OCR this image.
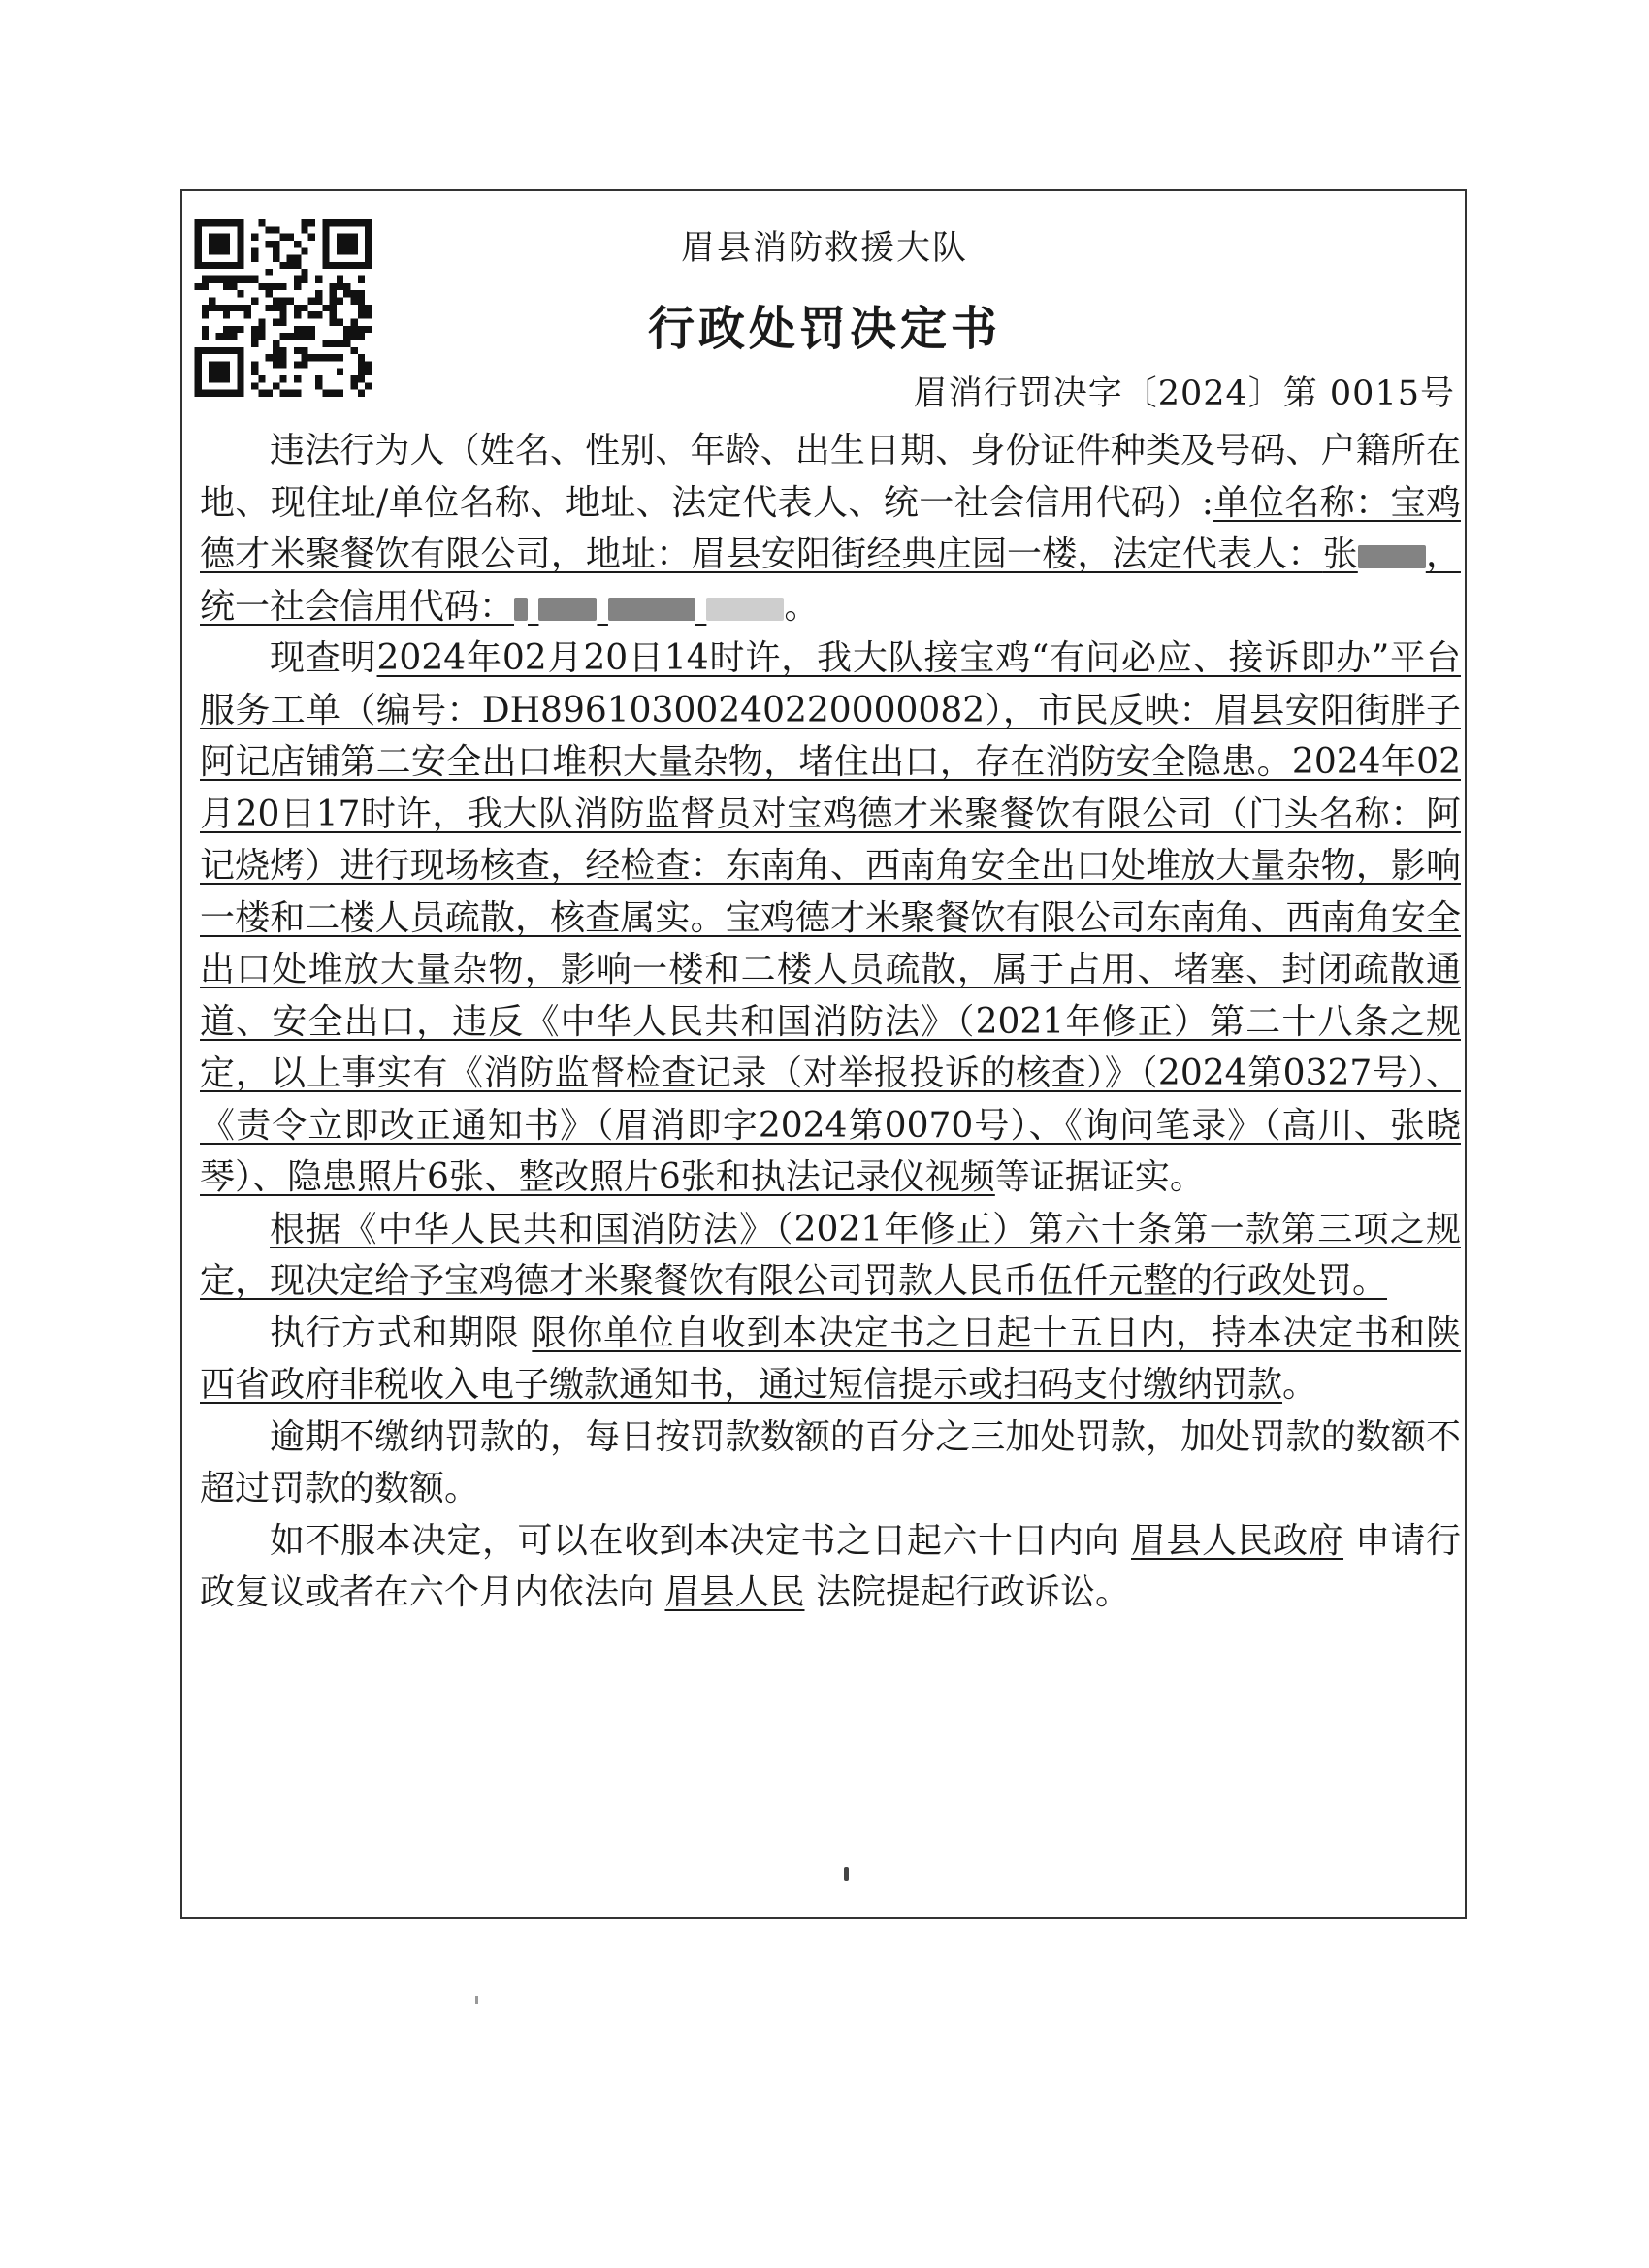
眉县消防救援大队
行政处罚决定书
眉消行罚决字〔2024〕第 0015号

违法行为人（姓名、性别、年龄、出生日期、身份证件种类及号码、户籍所在地、现住址/单位名称、地址、法定代表人、统一社会信用代码）:单位名称：宝鸡德才米聚餐饮有限公司，地址：眉县安阳街经典庄园一楼，法定代表人：张 ，统一社会信用代码：	。

现查明2024年02月20日14时许，我大队接宝鸡“有问必应、接诉即办”平台服务工单（编号：DH89610300240220000082），市民反映：眉县安阳街胖子阿记店铺第二安全出口堆积大量杂物，堵住出口，存在消防安全隐患。2024年02月20日17时许，我大队消防监督员对宝鸡德才米聚餐饮有限公司（门头名称：阿记烧烤）进行现场核查，经检查：东南角、西南角安全出口处堆放大量杂物，影响一楼和二楼人员疏散，核查属实。宝鸡德才米聚餐饮有限公司东南角、西南角安全出口处堆放大量杂物，影响一楼和二楼人员疏散，属于占用、堵塞、封闭疏散通道、安全出口，违反《中华人民共和国消防法》（2021年修正）第二十八条之规定，以上事实有《消防监督检查记录（对举报投诉的核查）》（2024第0327号）、《责令立即改正通知书》（眉消即字2024第0070号）、《询问笔录》（高川、张晓琴）、隐患照片6张、整改照片6张和执法记录仪视频等证据证实。

根据《中华人民共和国消防法》（2021年修正）第六十条第一款第三项之规定，现决定给予宝鸡德才米聚餐饮有限公司罚款人民币伍仟元整的行政处罚。

执行方式和期限 限你单位自收到本决定书之日起十五日内，持本决定书和陕西省政府非税收入电子缴款通知书，通过短信提示或扫码支付缴纳罚款。

逾期不缴纳罚款的，每日按罚款数额的百分之三加处罚款，加处罚款的数额不超过罚款的数额。

如不服本决定，可以在收到本决定书之日起六十日内向 眉县人民政府 申请行政复议或者在六个月内依法向 眉县人民 法院提起行政诉讼。
